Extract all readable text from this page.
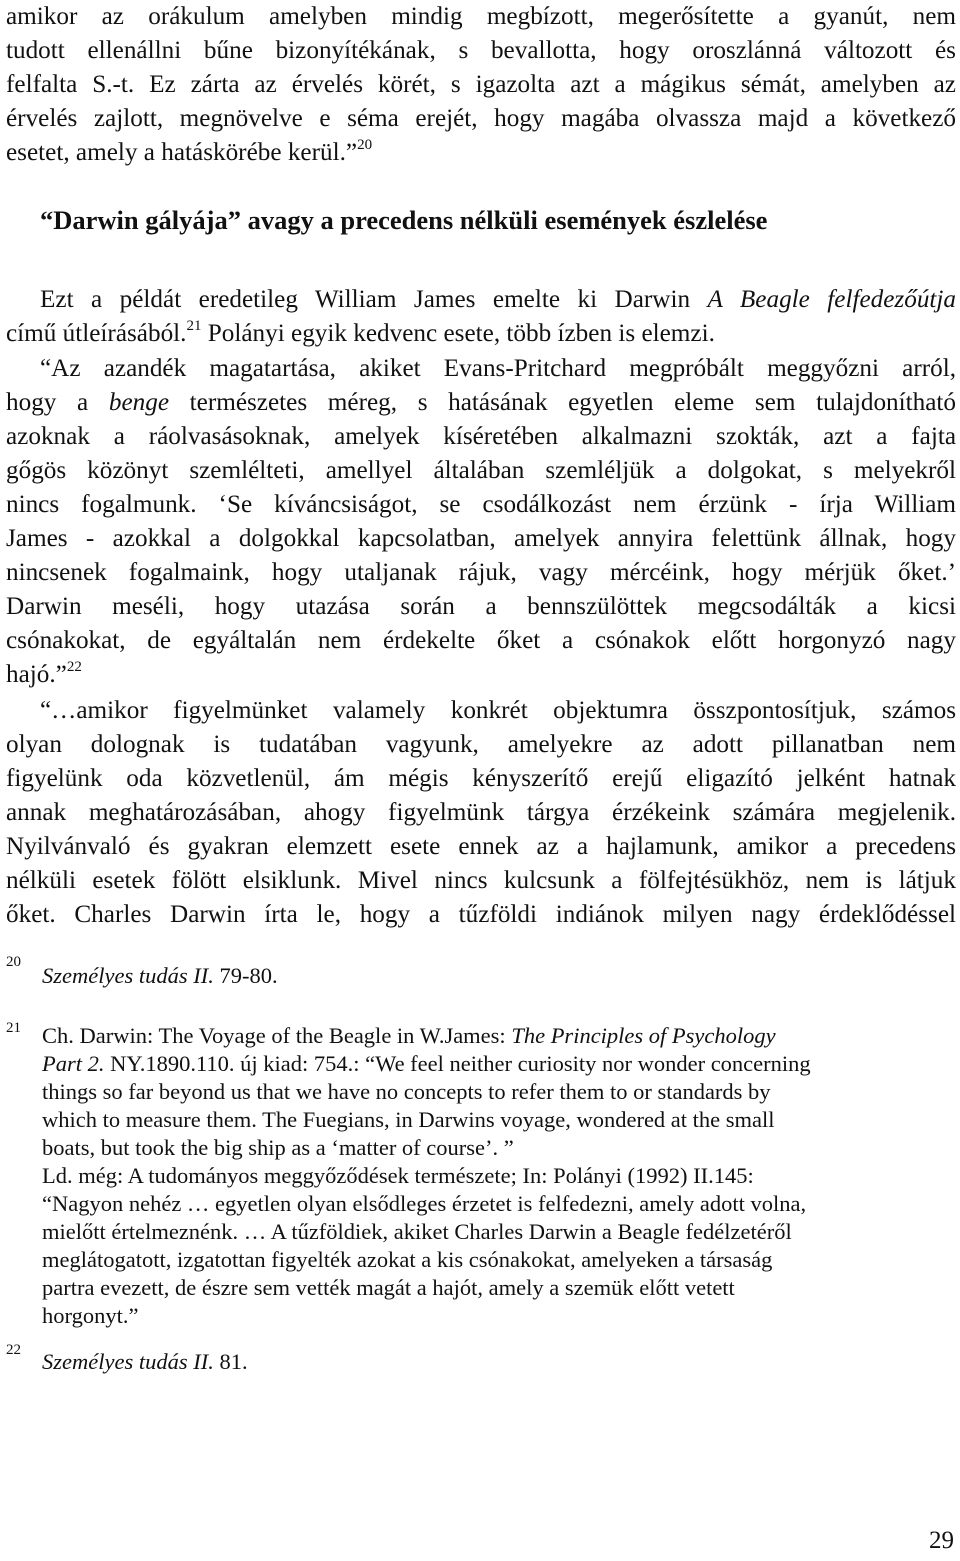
amikor az orákulum amelyben mindig megbízott, megerősítette a gyanút, nem
tudott ellenállni bűne bizonyítékának, s bevallotta, hogy oroszlánná változott és
felfalta S.-t. Ez zárta az érvelés körét, s igazolta azt a mágikus sémát, amelyben az
érvelés zajlott, megnövelve e séma erejét, hogy magába olvassza majd a következő
esetet, amely a hatáskörébe kerül.”$^{20}$
“Darwin gályája” avagy a precedens nélküli események észlelése
Ezt a példát eredetileg William James emelte ki Darwin A Beagle felfedezőútja
című útleírásából.$^{21}$ Polányi egyik kedvenc esete, több ízben is elemzi.
“Az azandék magatartása, akiket Evans-Pritchard megpróbált meggyőzni arról,
hogy a benge természetes méreg, s hatásának egyetlen eleme sem tulajdonítható
azoknak a ráolvasásoknak, amelyek kíséretében alkalmazni szokták, azt a fajta
gőgös közönyt szemlélteti, amellyel általában szemléljük a dolgokat, s melyekről
nincs fogalmunk. ‘Se kíváncsiságot, se csodálkozást nem érzünk - írja William
James - azokkal a dolgokkal kapcsolatban, amelyek annyira felettünk állnak, hogy
nincsenek fogalmaink, hogy utaljanak rájuk, vagy mércéink, hogy mérjük őket.’
Darwin meséli, hogy utazása során a bennszülöttek megcsodálták a kicsi
csónakokat, de egyáltalán nem érdekelte őket a csónakok előtt horgonyzó nagy
hajó.”$^{22}$
“…amikor figyelmünket valamely konkrét objektumra összpontosítjuk, számos
olyan dolognak is tudatában vagyunk, amelyekre az adott pillanatban nem
figyelünk oda közvetlenül, ám mégis kényszerítő erejű eligazító jelként hatnak
annak meghatározásában, ahogy figyelmünk tárgya érzékeink számára megjelenik.
Nyilvánvaló és gyakran elemzett esete ennek az a hajlamunk, amikor a precedens
nélküli esetek fölött elsiklunk. Mivel nincs kulcsunk a fölfejtésükhöz, nem is látjuk
őket. Charles Darwin írta le, hogy a tűzföldi indiánok milyen nagy érdeklődéssel
20
Személyes tudás II. 79-80.
21 Ch. Darwin: The Voyage of the Beagle in W.James: The Principles of Psychology
Part 2. NY.1890.110. új kiad: 754.: “We feel neither curiosity nor wonder concerning
things so far beyond us that we have no concepts to refer them to or standards by
which to measure them. The Fuegians, in Darwins voyage, wondered at the small
boats, but took the big ship as a ‘matter of course’. ”
Ld. még: A tudományos meggyőződések természete; In: Polányi (1992) II.145:
“Nagyon nehéz … egyetlen olyan elsődleges érzetet is felfedezni, amely adott volna,
mielőtt értelmeznénk. … A tűzföldiek, akiket Charles Darwin a Beagle fedélzetéről
meglátogatott, izgatottan figyelték azokat a kis csónakokat, amelyeken a társaság
partra evezett, de észre sem vették magát a hajót, amely a szemük előtt vetett
horgonyt.”
22 Személyes tudás II. 81.
29
